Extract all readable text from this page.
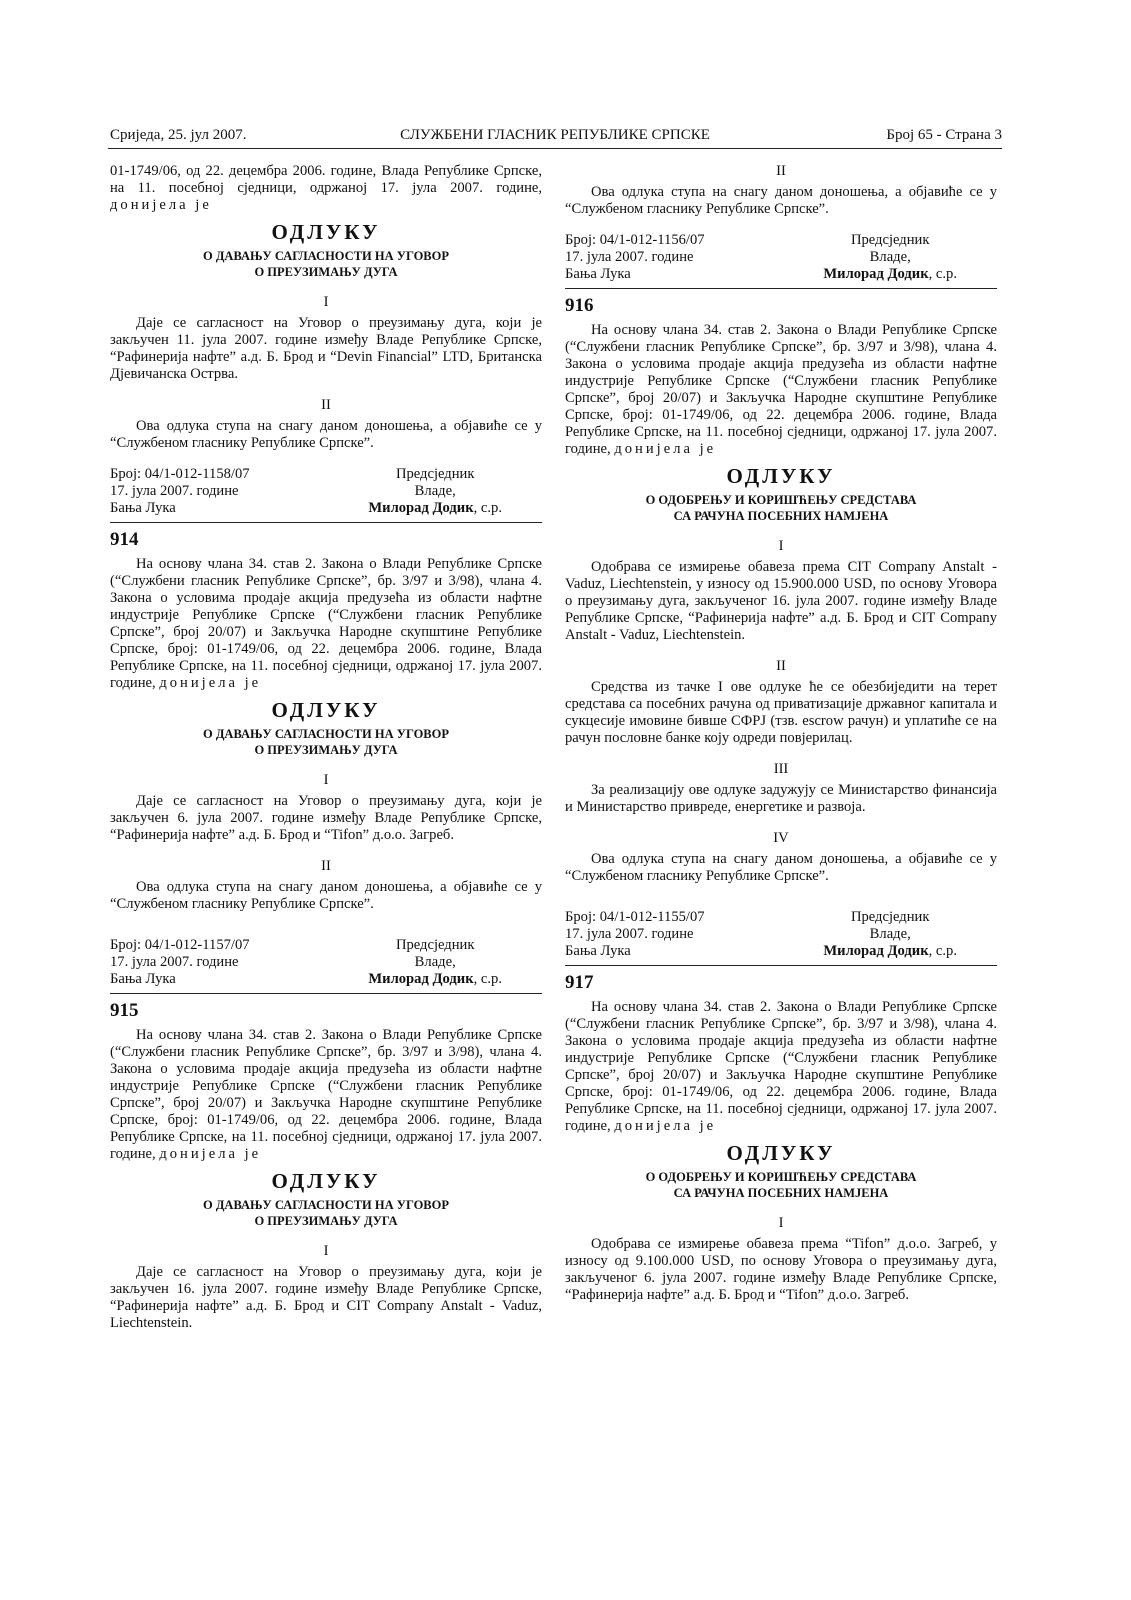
Сриједа, 25. јул 2007.	СЛУЖБЕНИ ГЛАСНИК РЕПУБЛИКЕ СРПСКЕ	Број 65 - Страна 3

01-1749/06, од 22. децембра 2006. године, Влада Републике Српске, на 11. посебној сједници, одржаној 17. јула 2007. године, донијела је

ОДЛУКУ
О ДАВАЊУ САГЛАСНОСТИ НА УГОВОР
О ПРЕУЗИМАЊУ ДУГА
I

Даје се сагласност на Уговор о преузимању дуга, који је закључен 11. јула 2007. године између Владе Републике Српске, “Рафинерија нафте” а.д. Б. Брод и “Devin Financial” LTD, Британска Дјевичанска Острва.

II

Ова одлука ступа на снагу даном доношења, а објавиће се у “Службеном гласнику Републике Српске”.

Број: 04/1-012-1158/07
17. јула 2007. године
Бања Лука
Предсједник
Владе,
Милорад Додик, с.р.
914

На основу члана 34. став 2. Закона о Влади Републике Српске (“Службени гласник Републике Српске”, бр. 3/97 и 3/98), члана 4. Закона о условима продаје акција предузећа из области нафтне индустрије Републике Српске (“Службени гласник Републике Српске”, број 20/07) и Закључка Народне скупштине Републике Српске, број: 01-1749/06, од 22. децембра 2006. године, Влада Републике Српске, на 11. посебној сједници, одржаној 17. јула 2007. године, донијела је

ОДЛУКУ
О ДАВАЊУ САГЛАСНОСТИ НА УГОВОР
О ПРЕУЗИМАЊУ ДУГА
I

Даје се сагласност на Уговор о преузимању дуга, који је закључен 6. јула 2007. године између Владе Републике Српске, “Рафинерија нафте” а.д. Б. Брод и “Tifon” д.о.о. Загреб.

II

Ова одлука ступа на снагу даном доношења, а објавиће се у “Службеном гласнику Републике Српске”.

Број: 04/1-012-1157/07
17. јула 2007. године
Бања Лука
Предсједник
Владе,
Милорад Додик, с.р.
915

На основу члана 34. став 2. Закона о Влади Републике Српске (“Службени гласник Републике Српске”, бр. 3/97 и 3/98), члана 4. Закона о условима продаје акција предузећа из области нафтне индустрије Републике Српске (“Службени гласник Републике Српске”, број 20/07) и Закључка Народне скупштине Републике Српске, број: 01-1749/06, од 22. децембра 2006. године, Влада Републике Српске, на 11. посебној сједници, одржаној 17. јула 2007. године, донијела је

ОДЛУКУ
О ДАВАЊУ САГЛАСНОСТИ НА УГОВОР
О ПРЕУЗИМАЊУ ДУГА
I

Даје се сагласност на Уговор о преузимању дуга, који је закључен 16. јула 2007. године између Владе Републике Српске, “Рафинерија нафте” а.д. Б. Брод и CIT Company Anstalt - Vaduz, Liechtenstein.

II

Ова одлука ступа на снагу даном доношења, а објавиће се у “Службеном гласнику Републике Српске”.

Број: 04/1-012-1156/07
17. јула 2007. године
Бања Лука
Предсједник
Владе,
Милорад Додик, с.р.
916

На основу члана 34. став 2. Закона о Влади Републике Српске (“Службени гласник Републике Српске”, бр. 3/97 и 3/98), члана 4. Закона о условима продаје акција предузећа из области нафтне индустрије Републике Српске (“Службени гласник Републике Српске”, број 20/07) и Закључка Народне скупштине Републике Српске, број: 01-1749/06, од 22. децембра 2006. године, Влада Републике Српске, на 11. посебној сједници, одржаној 17. јула 2007. године, донијела је

ОДЛУКУ
О ОДОБРЕЊУ И КОРИШЋЕЊУ СРЕДСТАВА
СА РАЧУНА ПОСЕБНИХ НАМЈЕНА
I

Одобрава се измирење обавеза према CIT Company Anstalt - Vaduz, Liechtenstein, у износу од 15.900.000 USD, по основу Уговора о преузимању дуга, закљученог 16. јула 2007. године између Владе Републике Српске, “Рафинерија нафте” а.д. Б. Брод и CIT Company Anstalt - Vaduz, Liechtenstein.

II

Средства из тачке I ове одлуке ће се обезбиједити на терет средстава са посебних рачуна од приватизације државног капитала и сукцесије имовине бивше СФРЈ (тзв. escrow рачун) и уплатиће се на рачун пословне банке коју одреди повјерилац.

III

За реализацију ове одлуке задужују се Министарство финансија и Министарство привреде, енергетике и развоја.

IV

Ова одлука ступа на снагу даном доношења, а објавиће се у “Службеном гласнику Републике Српске”.

Број: 04/1-012-1155/07
17. јула 2007. године
Бања Лука
Предсједник
Владе,
Милорад Додик, с.р.
917

На основу члана 34. став 2. Закона о Влади Републике Српске (“Службени гласник Републике Српске”, бр. 3/97 и 3/98), члана 4. Закона о условима продаје акција предузећа из области нафтне индустрије Републике Српске (“Службени гласник Републике Српске”, број 20/07) и Закључка Народне скупштине Републике Српске, број: 01-1749/06, од 22. децембра 2006. године, Влада Републике Српске, на 11. посебној сједници, одржаној 17. јула 2007. године, донијела је

ОДЛУКУ
О ОДОБРЕЊУ И КОРИШЋЕЊУ СРЕДСТАВА
СА РАЧУНА ПОСЕБНИХ НАМЈЕНА
I

Одобрава се измирење обавеза према “Tifon” д.о.о. Загреб, у износу од 9.100.000 USD, по основу Уговора о преузимању дуга, закљученог 6. јула 2007. године између Владе Републике Српске, “Рафинерија нафте” а.д. Б. Брод и “Tifon” д.о.о. Загреб.
